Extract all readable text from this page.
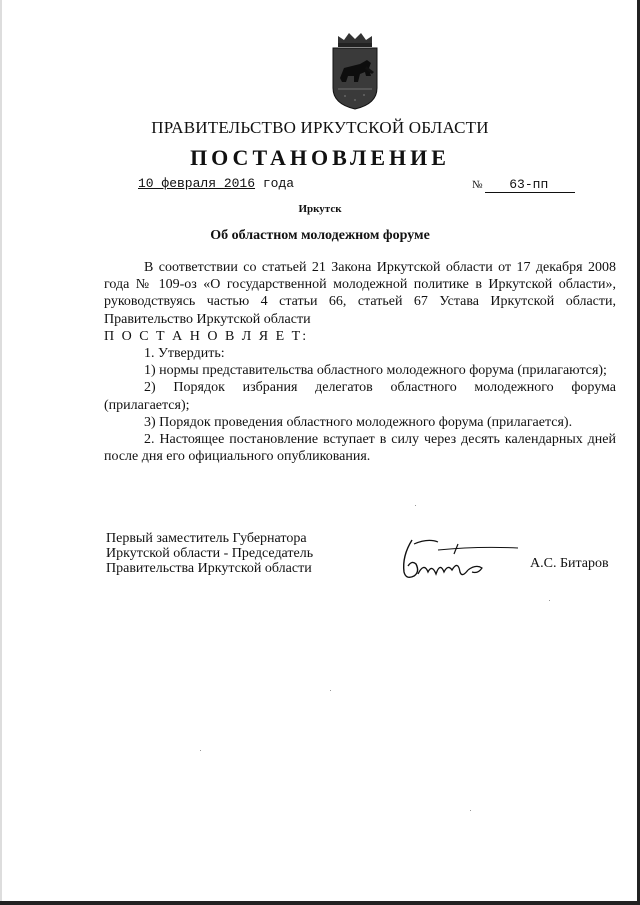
ПРАВИТЕЛЬСТВО ИРКУТСКОЙ ОБЛАСТИ
ПОСТАНОВЛЕНИЕ
10 февраля 2016 года	№ 63-пп
Иркутск
Об областном молодежном форуме

В соответствии со статьей 21 Закона Иркутской области от 17 декабря 2008 года № 109-оз «О государственной молодежной политике в Иркутской области», руководствуясь частью 4 статьи 66, статьей 67 Устава Иркутской области, Правительство Иркутской области

П О С Т А Н О В Л Я Е Т:

1. Утвердить:

1) нормы представительства областного молодежного форума (прилагаются);

2) Порядок избрания делегатов областного молодежного форума (прилагается);

3) Порядок проведения областного молодежного форума (прилагается).

2. Настоящее постановление вступает в силу через десять календарных дней после дня его официального опубликования.

Первый заместитель Губернатора
Иркутской области - Председатель
Правительства Иркутской области	А.С. Битаров
